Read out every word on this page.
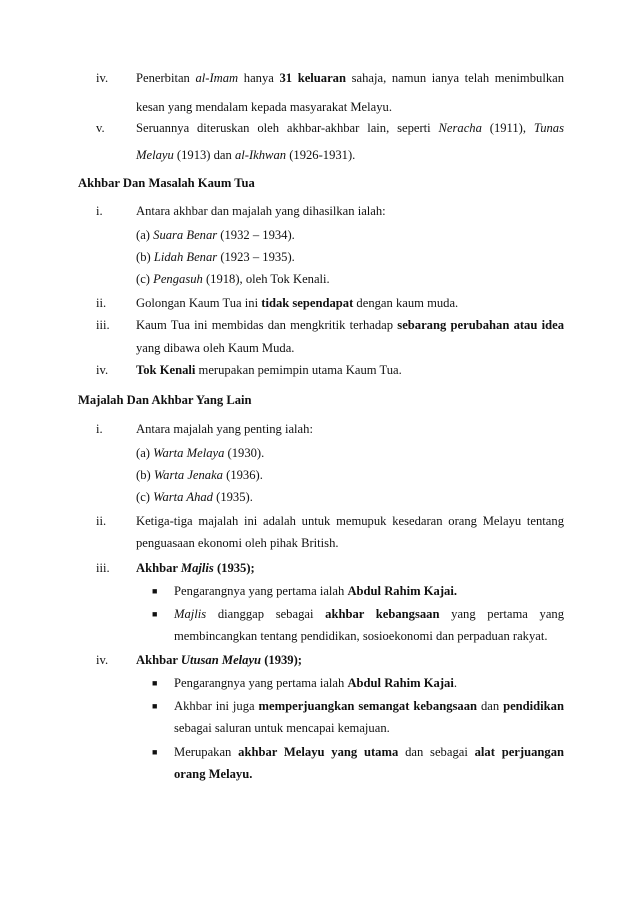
iv. Penerbitan al-Imam hanya 31 keluaran sahaja, namun ianya telah menimbulkan
kesan yang mendalam kepada masyarakat Melayu.
v. Seruannya diteruskan oleh akhbar-akhbar lain, seperti Neracha (1911), Tunas
Melayu (1913) dan al-Ikhwan (1926-1931).
Akhbar Dan Masalah Kaum Tua
i.	Antara akhbar dan majalah yang dihasilkan ialah:
(a) Suara Benar (1932 – 1934).
(b) Lidah Benar (1923 – 1935).
(c) Pengasuh (1918), oleh Tok Kenali.
ii. Golongan Kaum Tua ini tidak sependapat dengan kaum muda.
iii. Kaum Tua ini membidas dan mengkritik terhadap sebarang perubahan atau idea
yang dibawa oleh Kaum Muda.
iv. Tok Kenali merupakan pemimpin utama Kaum Tua.
Majalah Dan Akhbar Yang Lain
i.	Antara majalah yang penting ialah:
(a) Warta Melaya (1930).
(b) Warta Jenaka (1936).
(c) Warta Ahad (1935).
ii. Ketiga-tiga majalah ini adalah untuk memupuk kesedaran orang Melayu tentang
penguasaan ekonomi oleh pihak British.
iii. Akhbar Majlis (1935);
■ Pengarangnya yang pertama ialah Abdul Rahim Kajai.
■ Majlis dianggap sebagai akhbar kebangsaan yang pertama yang
membincangkan tentang pendidikan, sosioekonomi dan perpaduan rakyat.
iv. Akhbar Utusan Melayu (1939);
■ Pengarangnya yang pertama ialah Abdul Rahim Kajai.
■ Akhbar ini juga memperjuangkan semangat kebangsaan dan pendidikan
sebagai saluran untuk mencapai kemajuan.
■ Merupakan akhbar Melayu yang utama dan sebagai alat perjuangan
orang Melayu.
